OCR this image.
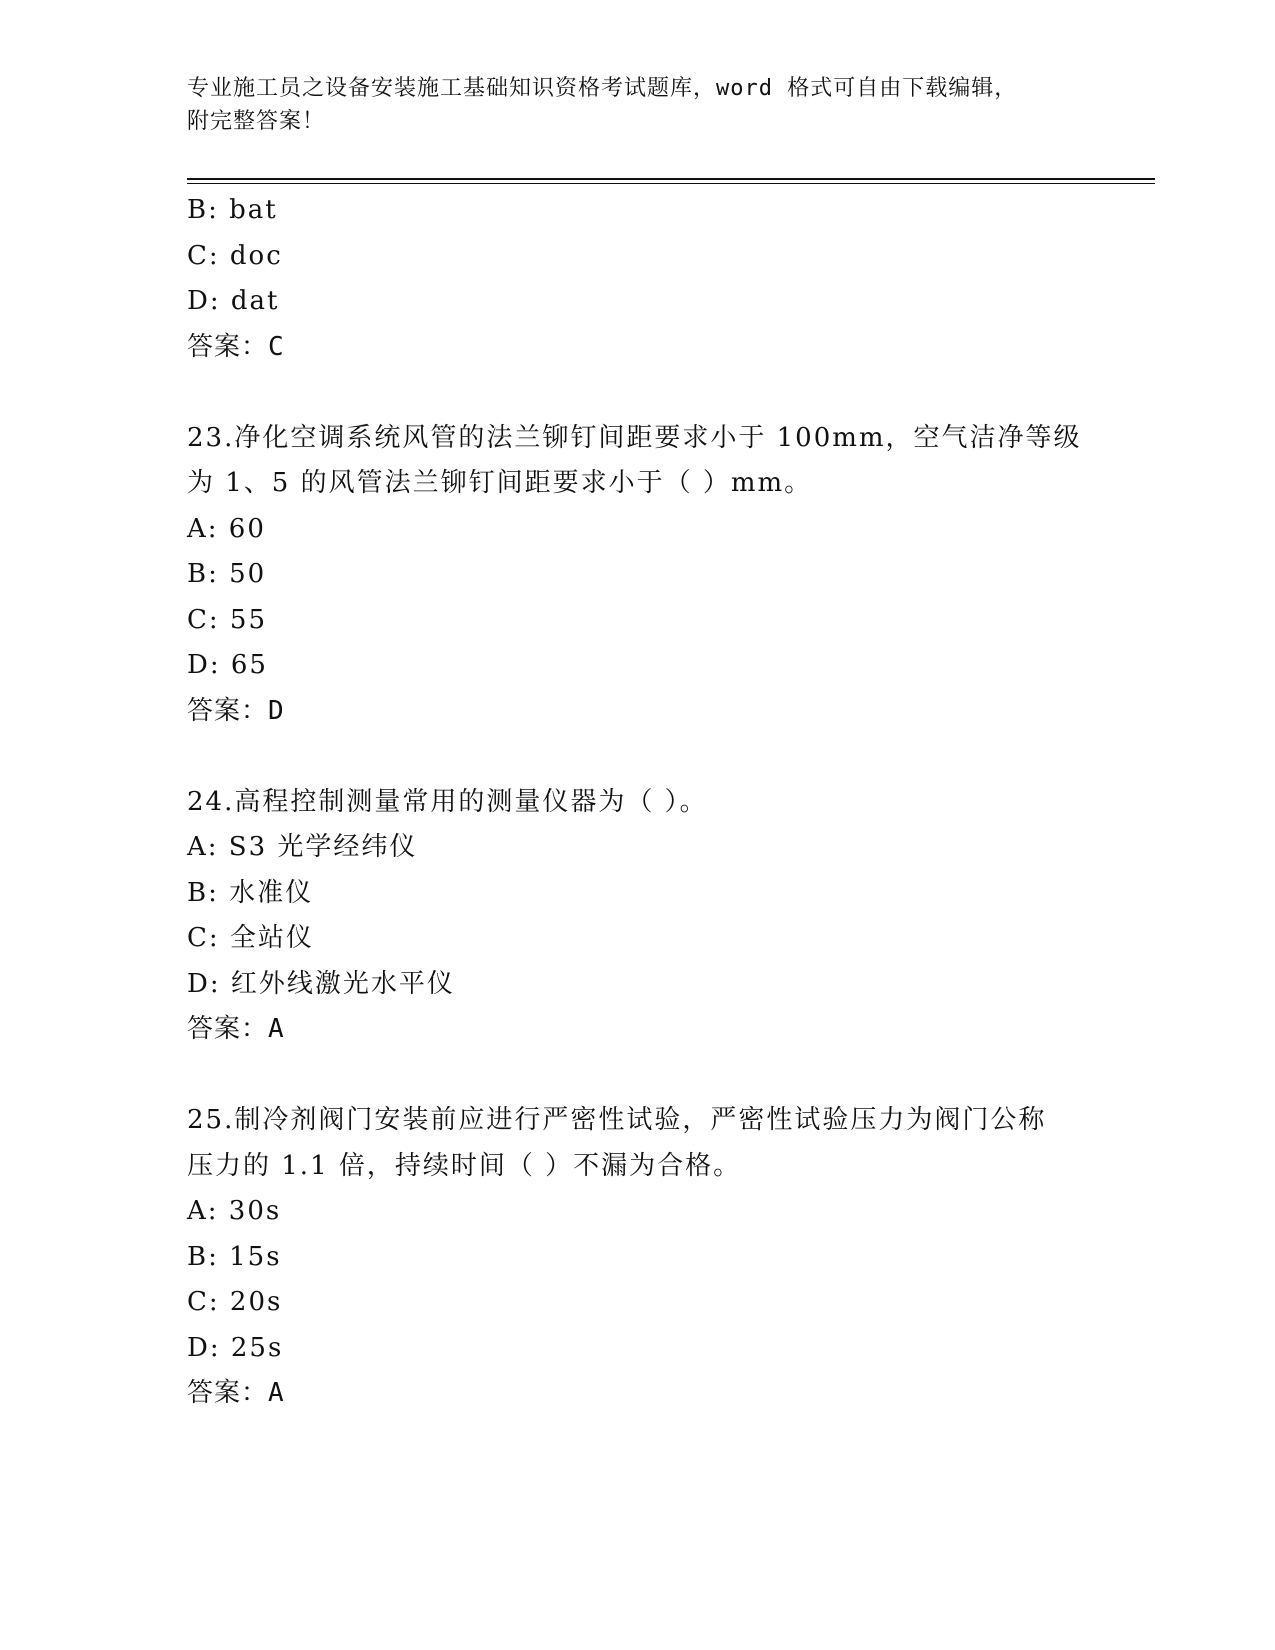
专业施工员之设备安装施工基础知识资格考试题库，word 格式可自由下载编辑，
附完整答案！
B: bat
C: doc
D: dat
答案：C
23.净化空调系统风管的法兰铆钉间距要求小于 100mm，空气洁净等级
为 1、5 的风管法兰铆钉间距要求小于（ ）mm。
A: 60
B: 50
C: 55
D: 65
答案：D
24.高程控制测量常用的测量仪器为（ ）。
A: S3 光学经纬仪
B: 水准仪
C: 全站仪
D: 红外线激光水平仪
答案：A
25.制冷剂阀门安装前应进行严密性试验，严密性试验压力为阀门公称
压力的 1.1 倍，持续时间（ ）不漏为合格。
A: 30s
B: 15s
C: 20s
D: 25s
答案：A
